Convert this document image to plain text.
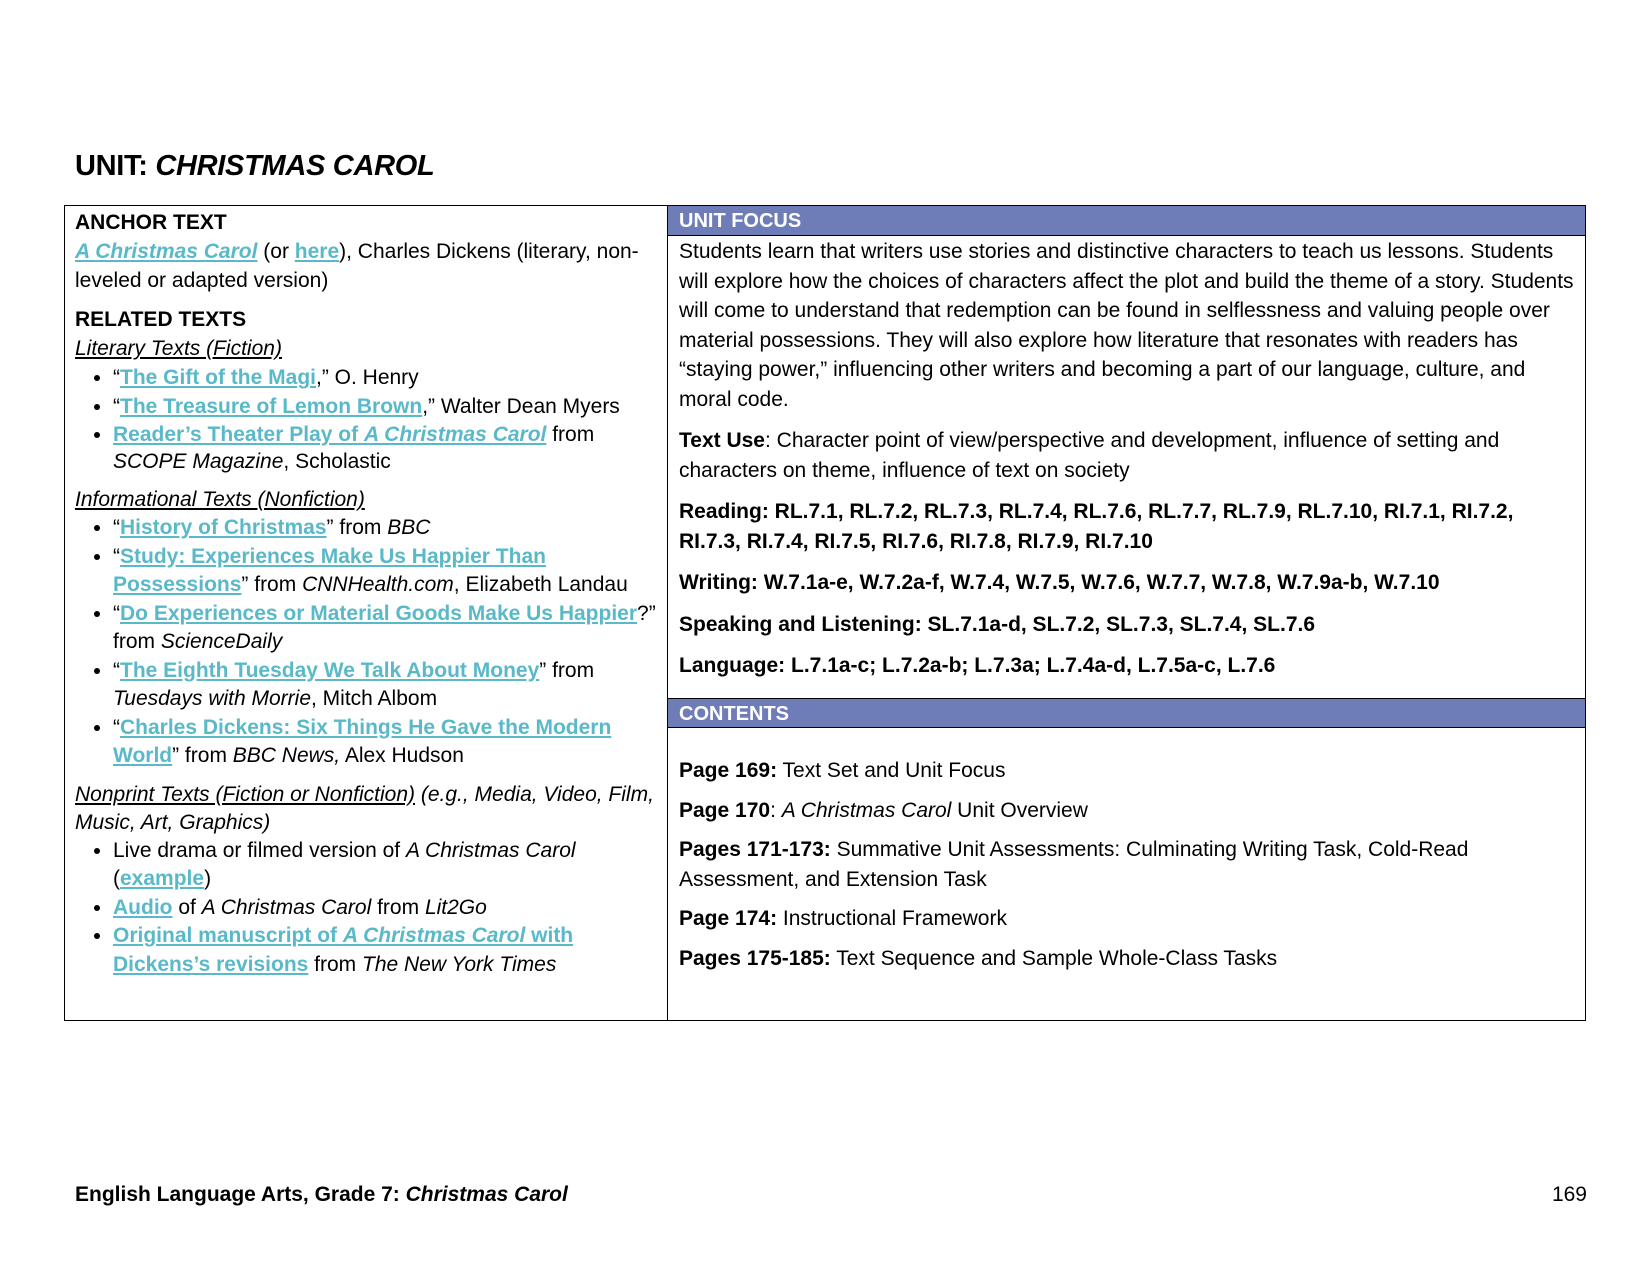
UNIT: CHRISTMAS CAROL
ANCHOR TEXT

A Christmas Carol (or here), Charles Dickens (literary, non-leveled or adapted version)

RELATED TEXTS
Literary Texts (Fiction)
• “The Gift of the Magi,” O. Henry
• “The Treasure of Lemon Brown,” Walter Dean Myers
• Reader’s Theater Play of A Christmas Carol from SCOPE Magazine, Scholastic
Informational Texts (Nonfiction)
• “History of Christmas” from BBC
• “Study: Experiences Make Us Happier Than Possessions” from CNNHealth.com, Elizabeth Landau
• “Do Experiences or Material Goods Make Us Happier?” from ScienceDaily
• “The Eighth Tuesday We Talk About Money” from Tuesdays with Morrie, Mitch Albom
• “Charles Dickens: Six Things He Gave the Modern World” from BBC News, Alex Hudson
Nonprint Texts (Fiction or Nonfiction) (e.g., Media, Video, Film, Music, Art, Graphics)
• Live drama or filmed version of A Christmas Carol (example)
• Audio of A Christmas Carol from Lit2Go
• Original manuscript of A Christmas Carol with Dickens’s revisions from The New York Times
UNIT FOCUS

Students learn that writers use stories and distinctive characters to teach us lessons. Students will explore how the choices of characters affect the plot and build the theme of a story. Students will come to understand that redemption can be found in selflessness and valuing people over material possessions. They will also explore how literature that resonates with readers has “staying power,” influencing other writers and becoming a part of our language, culture, and moral code.

Text Use: Character point of view/perspective and development, influence of setting and characters on theme, influence of text on society

Reading: RL.7.1, RL.7.2, RL.7.3, RL.7.4, RL.7.6, RL.7.7, RL.7.9, RL.7.10, RI.7.1, RI.7.2, RI.7.3, RI.7.4, RI.7.5, RI.7.6, RI.7.8, RI.7.9, RI.7.10

Writing: W.7.1a-e, W.7.2a-f, W.7.4, W.7.5, W.7.6, W.7.7, W.7.8, W.7.9a-b, W.7.10

Speaking and Listening: SL.7.1a-d, SL.7.2, SL.7.3, SL.7.4, SL.7.6

Language: L.7.1a-c; L.7.2a-b; L.7.3a; L.7.4a-d, L.7.5a-c, L.7.6

CONTENTS

Page 169: Text Set and Unit Focus

Page 170: A Christmas Carol Unit Overview

Pages 171-173: Summative Unit Assessments: Culminating Writing Task, Cold-Read Assessment, and Extension Task

Page 174: Instructional Framework

Pages 175-185: Text Sequence and Sample Whole-Class Tasks

English Language Arts, Grade 7: Christmas Carol	169
